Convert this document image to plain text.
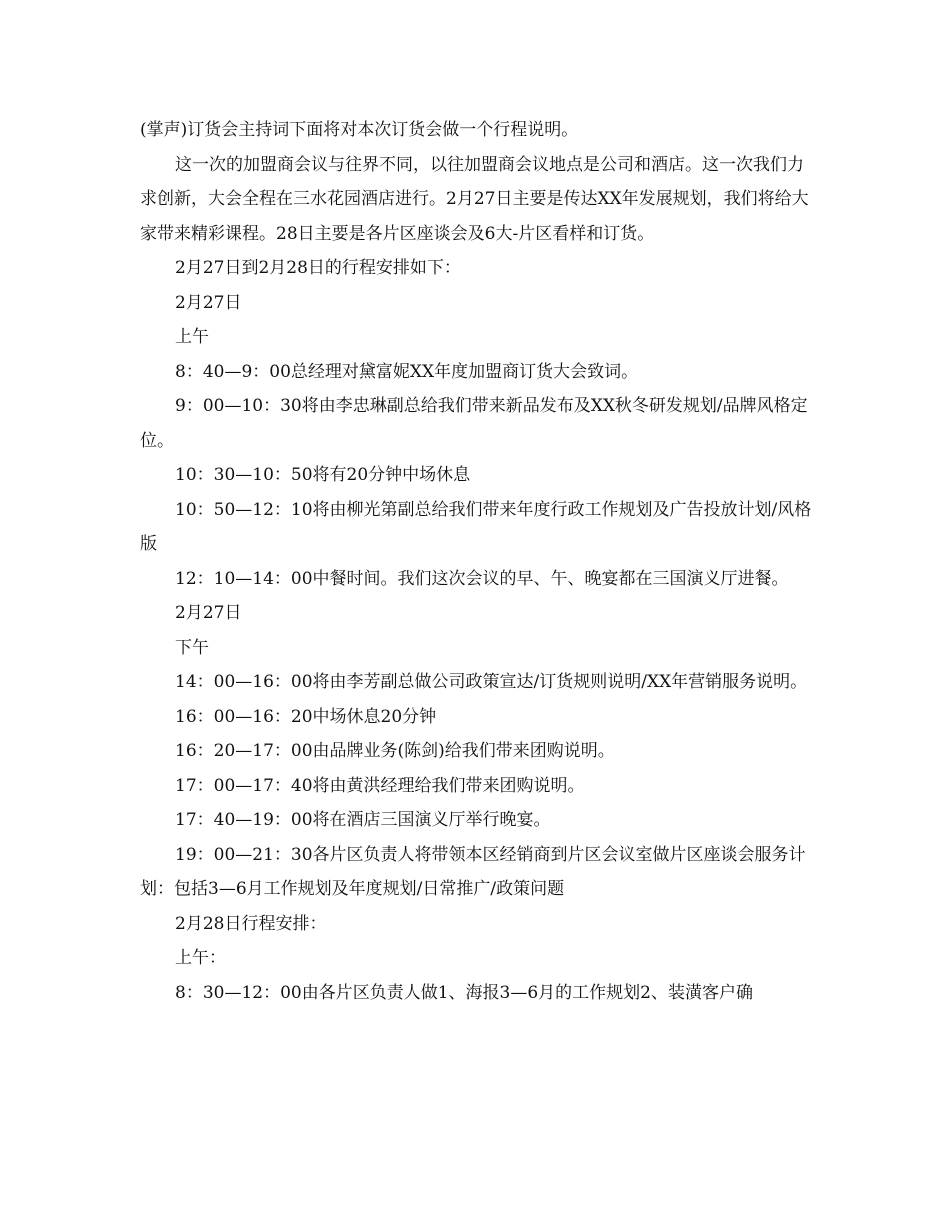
(掌声)订货会主持词下面将对本次订货会做一个行程说明。

这一次的加盟商会议与往界不同，以往加盟商会议地点是公司和酒店。这一次我们力求创新，大会全程在三水花园酒店进行。2月27日主要是传达XX年发展规划，我们将给大家带来精彩课程。28日主要是各片区座谈会及6大-片区看样和订货。

2月27日到2月28日的行程安排如下：

2月27日

上午

8：40—9：00总经理对黛富妮XX年度加盟商订货大会致词。

9：00—10：30将由李忠琳副总给我们带来新品发布及XX秋冬研发规划/品牌风格定位。

10：30—10：50将有20分钟中场休息

10：50—12：10将由柳光第副总给我们带来年度行政工作规划及广告投放计划/风格版

12：10—14：00中餐时间。我们这次会议的早、午、晚宴都在三国演义厅进餐。

2月27日

下午

14：00—16：00将由李芳副总做公司政策宣达/订货规则说明/XX年营销服务说明。

16：00—16：20中场休息20分钟

16：20—17：00由品牌业务(陈剑)给我们带来团购说明。

17：00—17：40将由黄洪经理给我们带来团购说明。

17：40—19：00将在酒店三国演义厅举行晚宴。

19：00—21：30各片区负责人将带领本区经销商到片区会议室做片区座谈会服务计划：包括3—6月工作规划及年度规划/日常推广/政策问题

2月28日行程安排：

上午：

8：30—12：00由各片区负责人做1、海报3—6月的工作规划2、装潢客户确
